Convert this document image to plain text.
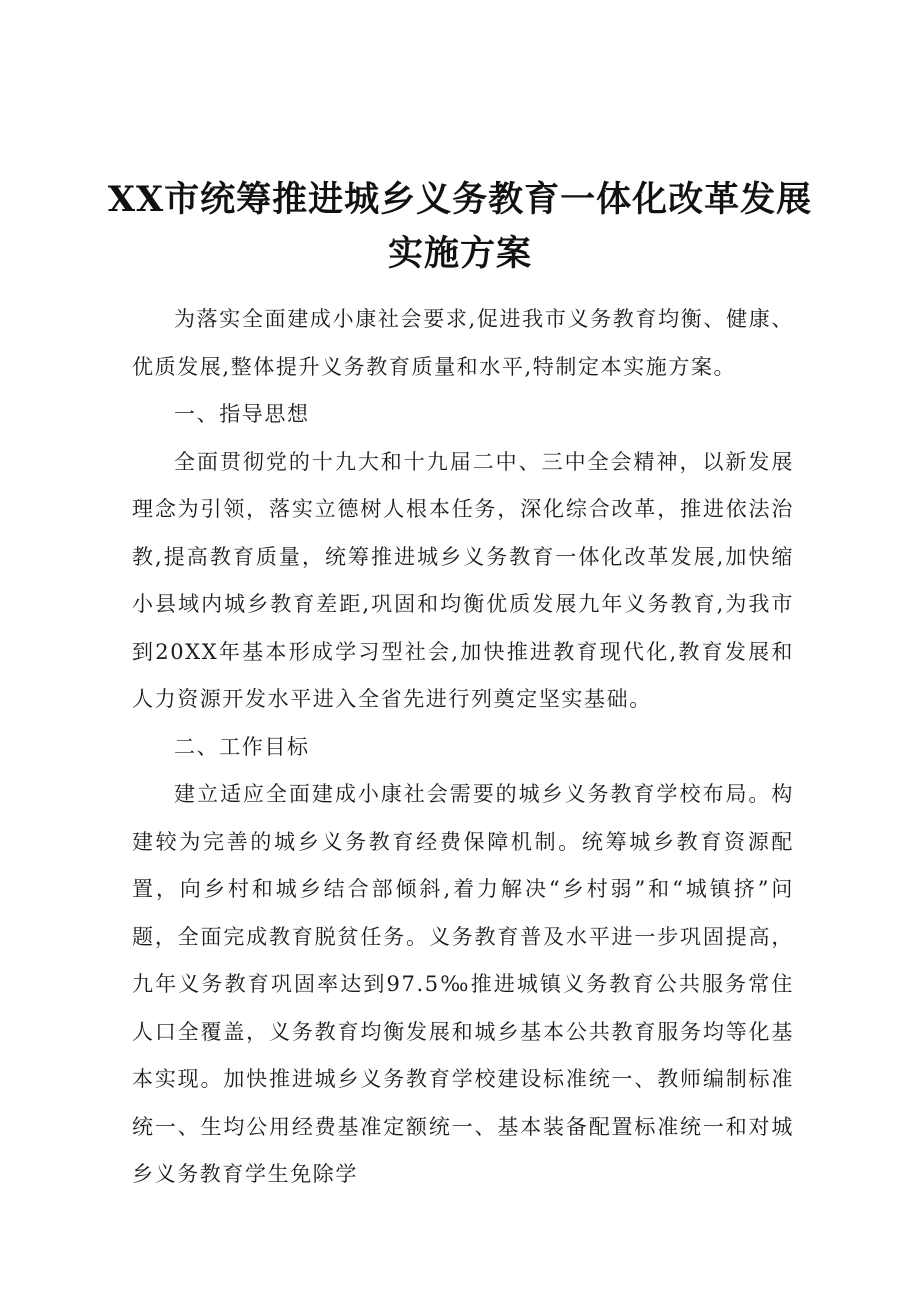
XX市统筹推进城乡义务教育一体化改革发展
实施方案

为落实全面建成小康社会要求,促进我市义务教育均衡、健康、优质发展,整体提升义务教育质量和水平,特制定本实施方案。

一、指导思想

全面贯彻党的十九大和十九届二中、三中全会精神，以新发展理念为引领，落实立德树人根本任务，深化综合改革，推进依法治教,提高教育质量，统筹推进城乡义务教育一体化改革发展,加快缩小县域内城乡教育差距,巩固和均衡优质发展九年义务教育,为我市到20XX年基本形成学习型社会,加快推进教育现代化,教育发展和人力资源开发水平进入全省先进行列奠定坚实基础。

二、工作目标

建立适应全面建成小康社会需要的城乡义务教育学校布局。构建较为完善的城乡义务教育经费保障机制。统筹城乡教育资源配置，向乡村和城乡结合部倾斜,着力解决“乡村弱”和“城镇挤”问题，全面完成教育脱贫任务。义务教育普及水平进一步巩固提高，九年义务教育巩固率达到97.5‰推进城镇义务教育公共服务常住人口全覆盖，义务教育均衡发展和城乡基本公共教育服务均等化基本实现。加快推进城乡义务教育学校建设标准统一、教师编制标准统一、生均公用经费基准定额统一、基本装备配置标准统一和对城乡义务教育学生免除学
